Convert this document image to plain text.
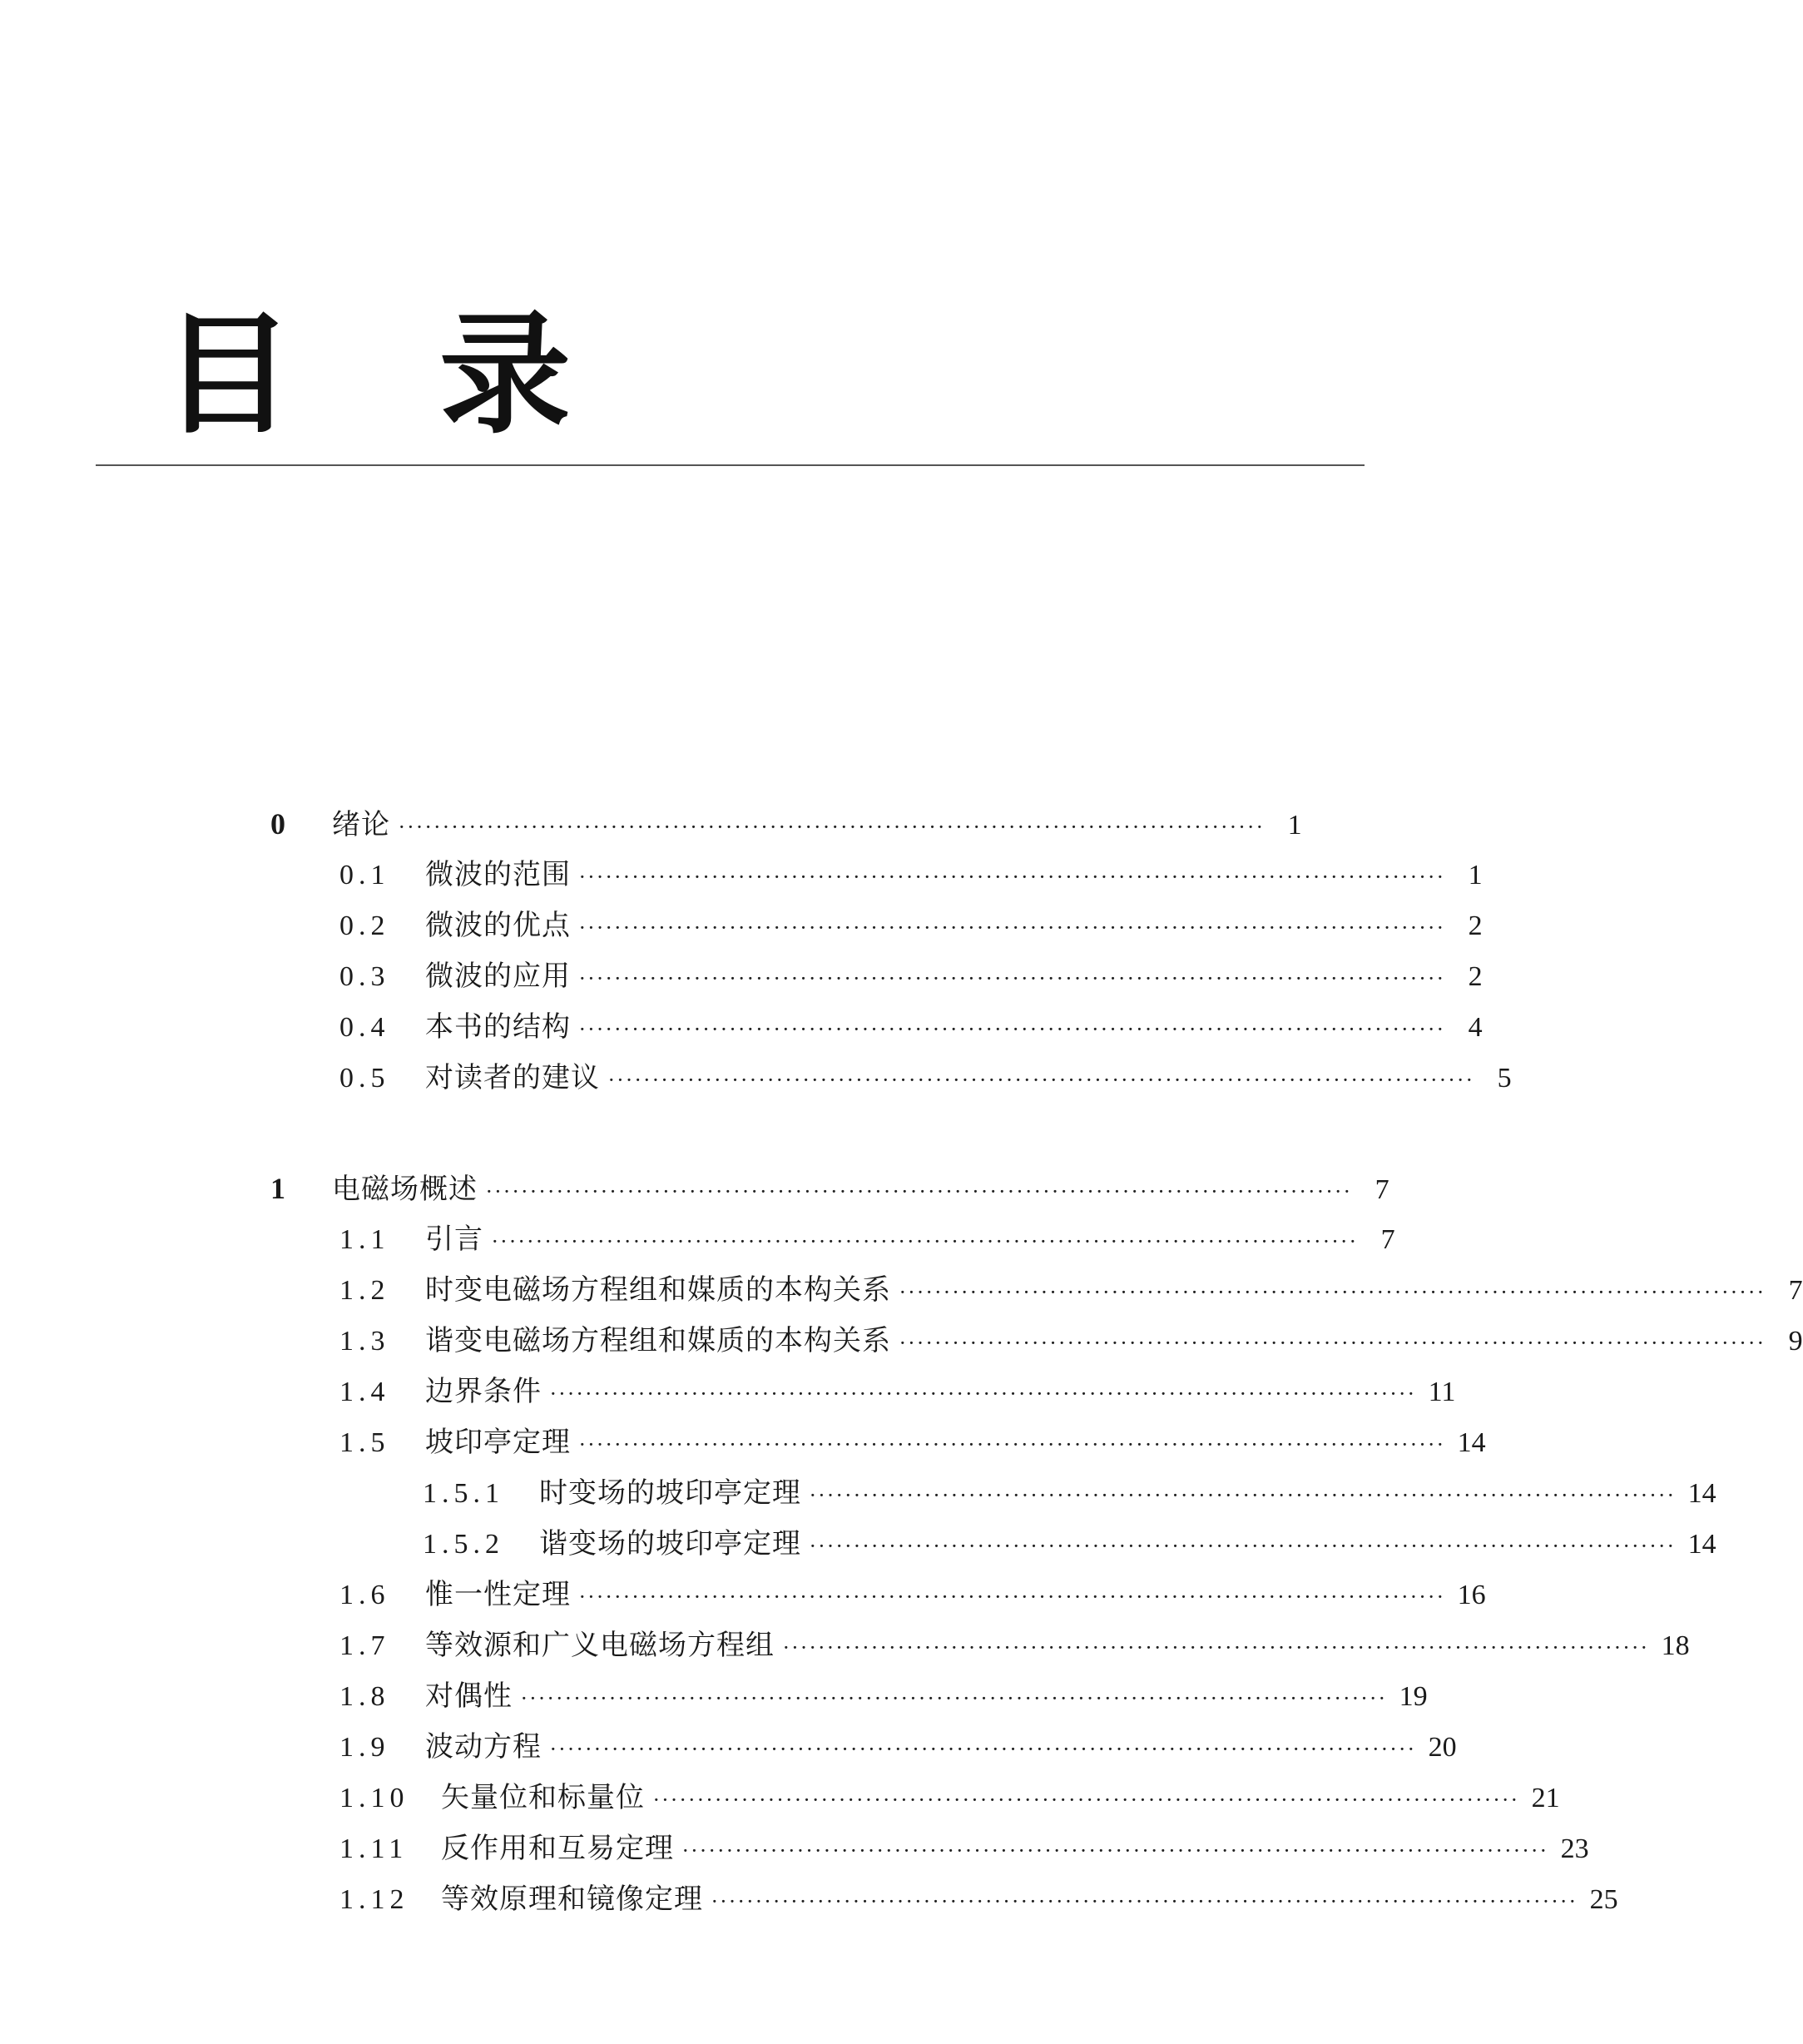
目 录
0	绪论 ·································································································· 1
0.1	微波的范围 ·································································································· 1
0.2	微波的优点 ·································································································· 2
0.3	微波的应用 ·································································································· 2
0.4	本书的结构 ·································································································· 4
0.5	对读者的建议 ·································································································· 5
1	电磁场概述 ·································································································· 7
1.1	引言 ·································································································· 7
1.2	时变电磁场方程组和媒质的本构关系 ·································································································· 7
1.3	谐变电磁场方程组和媒质的本构关系 ·································································································· 9
1.4	边界条件 ·································································································· 11
1.5	坡印亭定理 ·································································································· 14
1.5.1	时变场的坡印亭定理 ·································································································· 14
1.5.2	谐变场的坡印亭定理 ·································································································· 14
1.6	惟一性定理 ·································································································· 16
1.7	等效源和广义电磁场方程组 ·································································································· 18
1.8	对偶性 ·································································································· 19
1.9	波动方程 ·································································································· 20
1.10	矢量位和标量位 ·································································································· 21
1.11	反作用和互易定理 ·································································································· 23
1.12	等效原理和镜像定理 ·································································································· 25
